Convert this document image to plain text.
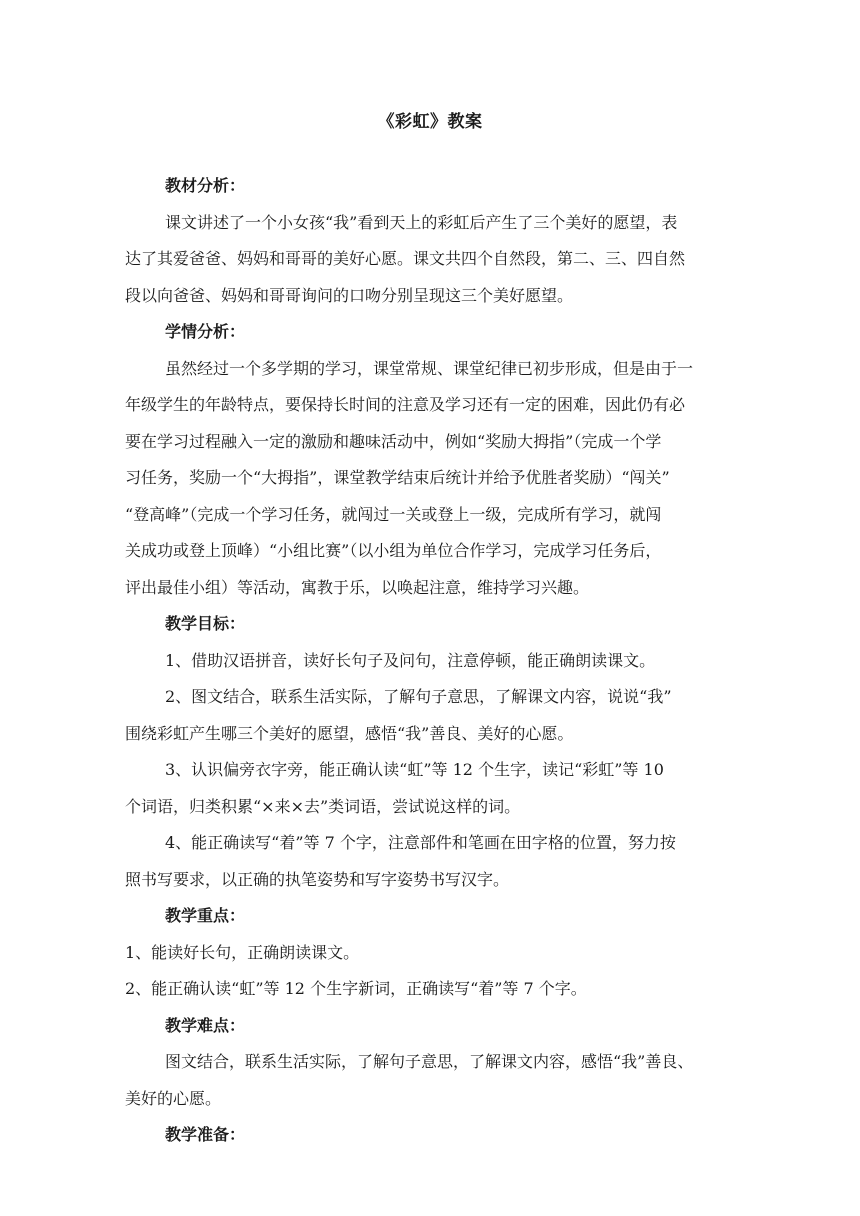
《彩虹》教案
教材分析：
课文讲述了一个小女孩“我”看到天上的彩虹后产生了三个美好的愿望，表
达了其爱爸爸、妈妈和哥哥的美好心愿。课文共四个自然段，第二、三、四自然
段以向爸爸、妈妈和哥哥询问的口吻分别呈现这三个美好愿望。
学情分析：
虽然经过一个多学期的学习，课堂常规、课堂纪律已初步形成，但是由于一
年级学生的年龄特点，要保持长时间的注意及学习还有一定的困难，因此仍有必
要在学习过程融入一定的激励和趣味活动中，例如“奖励大拇指”（完成一个学
习任务，奖励一个“大拇指”，课堂教学结束后统计并给予优胜者奖励）“闯关”
“登高峰”（完成一个学习任务，就闯过一关或登上一级，完成所有学习，就闯
关成功或登上顶峰）“小组比赛”（以小组为单位合作学习，完成学习任务后，
评出最佳小组）等活动，寓教于乐，以唤起注意，维持学习兴趣。
教学目标：
1、借助汉语拼音，读好长句子及问句，注意停顿，能正确朗读课文。
2、图文结合，联系生活实际，了解句子意思，了解课文内容，说说“我”
围绕彩虹产生哪三个美好的愿望，感悟“我”善良、美好的心愿。
3、认识偏旁衣字旁，能正确认读“虹”等 12 个生字，读记“彩虹”等 10
个词语，归类积累“×来×去”类词语，尝试说这样的词。
4、能正确读写“着”等 7 个字，注意部件和笔画在田字格的位置，努力按
照书写要求，以正确的执笔姿势和写字姿势书写汉字。
教学重点：
1、能读好长句，正确朗读课文。
2、能正确认读“虹”等 12 个生字新词，正确读写“着”等 7 个字。
教学难点：
图文结合，联系生活实际，了解句子意思，了解课文内容，感悟“我”善良、
美好的心愿。
教学准备：
